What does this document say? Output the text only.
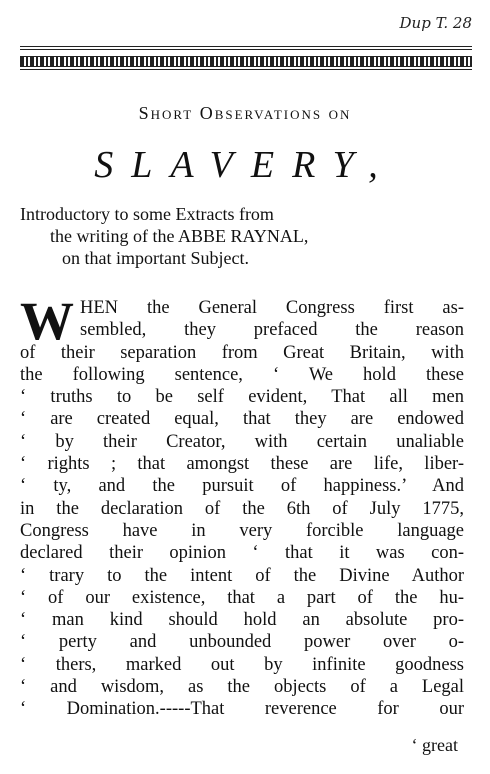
Dup T. 28
Short Observations on
SLAVERY,
Introductory to some Extracts from
the writing of the ABBE RAYNAL,
on that important Subject.
W HEN the General Congress first as-
sembled, they prefaced the reason
of their separation from Great Britain, with
the following sentence, ‘ We hold these
‘ truths to be self evident, That all men
‘ are created equal, that they are endowed
‘ by their Creator, with certain unaliable
‘ rights ; that amongst these are life, liber-
‘ ty, and the pursuit of happiness.’ And
in the declaration of the 6th of July 1775,
Congress have in very forcible language
declared their opinion ‘ that it was con-
‘ trary to the intent of the Divine Author
‘ of our existence, that a part of the hu-
‘ man kind should hold an absolute pro-
‘ perty and unbounded power over o-
‘ thers, marked out by infinite goodness
‘ and wisdom, as the objects of a Legal
‘ Domination.-----That reverence for our
‘ great
